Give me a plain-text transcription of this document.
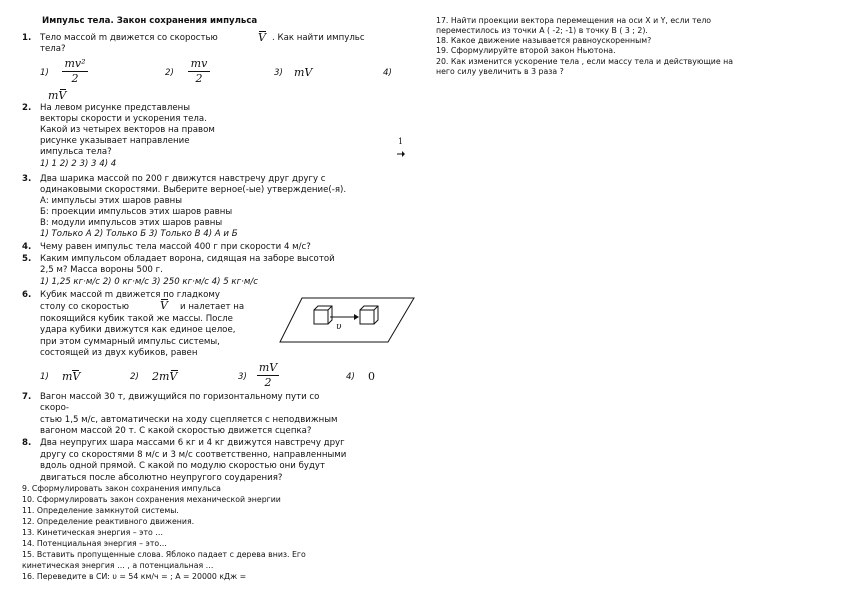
Импульс тела. Закон сохранения импульса
1. Тело массой m движется со скоростью	V . Как найти импульс
тела?
1)
mv²
2	2)
mv
2	3) mV	4)
mV
2. На левом рисунке представлены
векторы скорости и ускорения тела.
Какой из четырех векторов на правом
рисунке указывает направление
импульса тела?
1) 1 2) 2 3) 3 4) 4
1
3. Два шарика массой по 200 г движутся навстречу друг другу с
одинаковыми скоростями. Выберите верное(-ые) утверждение(-я).
А: импульсы этих шаров равны
Б: проекции импульсов этих шаров равны
В: модули импульсов этих шаров равны
1) Только А 2) Только Б 3) Только В 4) А и Б
4. Чему равен импульс тела массой 400 г при скорости 4 м/с?
5. Каким импульсом обладает ворона, сидящая на заборе высотой
2,5 м? Масса вороны 500 г.
1) 1,25 кг·м/с 2) 0 кг·м/с 3) 250 кг·м/с 4) 5 кг·м/с
6. Кубик массой m движется по гладкому
столу со скоростью	V и налетает на
покоящийся кубик такой же массы. После
удара кубики движутся как единое целое,
при этом суммарный импульс системы,
состоящей из двух кубиков, равен
υ
1) mV	2) 2mV	3)
mV
2	4) 0
7. Вагон массой 30 т, движущийся по горизонтальному пути со
скоро-
стью 1,5 м/с, автоматически на ходу сцепляется с неподвижным
вагоном массой 20 т. С какой скоростью движется сцепка?
8. Два неупругих шара массами 6 кг и 4 кг движутся навстречу друг
другу со скоростями 8 м/с и 3 м/с соответственно, направленными
вдоль одной прямой. С какой по модулю скоростью они будут
двигаться после абсолютно неупругого соударения?
9. Сформулировать закон сохранения импульса
10. Сформулировать закон сохранения механической энергии
11. Определение замкнутой системы.
12. Определение реактивного движения.
13. Кинетическая энергия – это …
14. Потенциальная энергия – это…
15. Вставить пропущенные слова. Яблоко падает с дерева вниз. Его
кинетическая энергия … , а потенциальная …
16. Переведите в СИ: υ = 54 км/ч = ; А = 20000 кДж =
17. Найти проекции вектора перемещения на оси X и Y, если тело
переместилось из точки А ( -2; -1) в точку В ( 3 ; 2).
18. Какое движение называется равноускоренным?
19. Сформулируйте второй закон Ньютона.
20. Как изменится ускорение тела , если массу тела и действующие на
него силу увеличить в 3 раза ?
